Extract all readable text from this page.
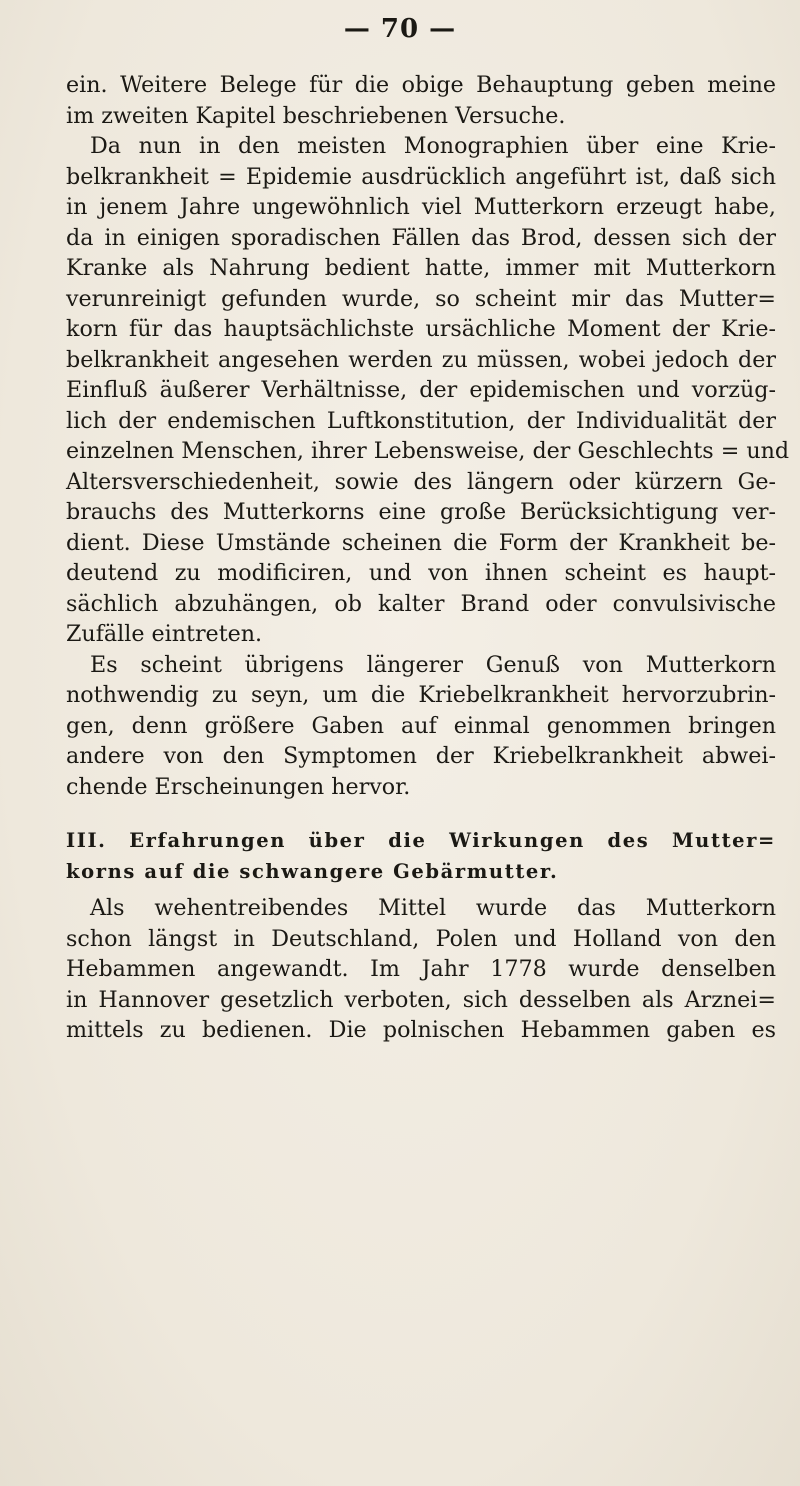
— 70 —
ein. Weitere Belege für die obige Behauptung geben meine
im zweiten Kapitel beschriebenen Versuche.
Da nun in den meisten Monographien über eine Krie-
belkrankheit = Epidemie ausdrücklich angeführt ist, daß sich
in jenem Jahre ungewöhnlich viel Mutterkorn erzeugt habe,
da in einigen sporadischen Fällen das Brod, dessen sich der
Kranke als Nahrung bedient hatte, immer mit Mutterkorn
verunreinigt gefunden wurde, so scheint mir das Mutter=
korn für das hauptsächlichste ursächliche Moment der Krie-
belkrankheit angesehen werden zu müssen, wobei jedoch der
Einfluß äußerer Verhältnisse, der epidemischen und vorzüg-
lich der endemischen Luftkonstitution, der Individualität der
einzelnen Menschen, ihrer Lebensweise, der Geschlechts = und
Altersverschiedenheit, sowie des längern oder kürzern Ge-
brauchs des Mutterkorns eine große Berücksichtigung ver-
dient. Diese Umstände scheinen die Form der Krankheit be-
deutend zu modificiren, und von ihnen scheint es haupt-
sächlich abzuhängen, ob kalter Brand oder convulsivische
Zufälle eintreten.
Es scheint übrigens längerer Genuß von Mutterkorn
nothwendig zu seyn, um die Kriebelkrankheit hervorzubrin-
gen, denn größere Gaben auf einmal genommen bringen
andere von den Symptomen der Kriebelkrankheit abwei-
chende Erscheinungen hervor.
III. Erfahrungen über die Wirkungen des Mutter=
korns auf die schwangere Gebärmutter.
Als wehentreibendes Mittel wurde das Mutterkorn
schon längst in Deutschland, Polen und Holland von den
Hebammen angewandt. Im Jahr 1778 wurde denselben
in Hannover gesetzlich verboten, sich desselben als Arznei=
mittels zu bedienen. Die polnischen Hebammen gaben es
